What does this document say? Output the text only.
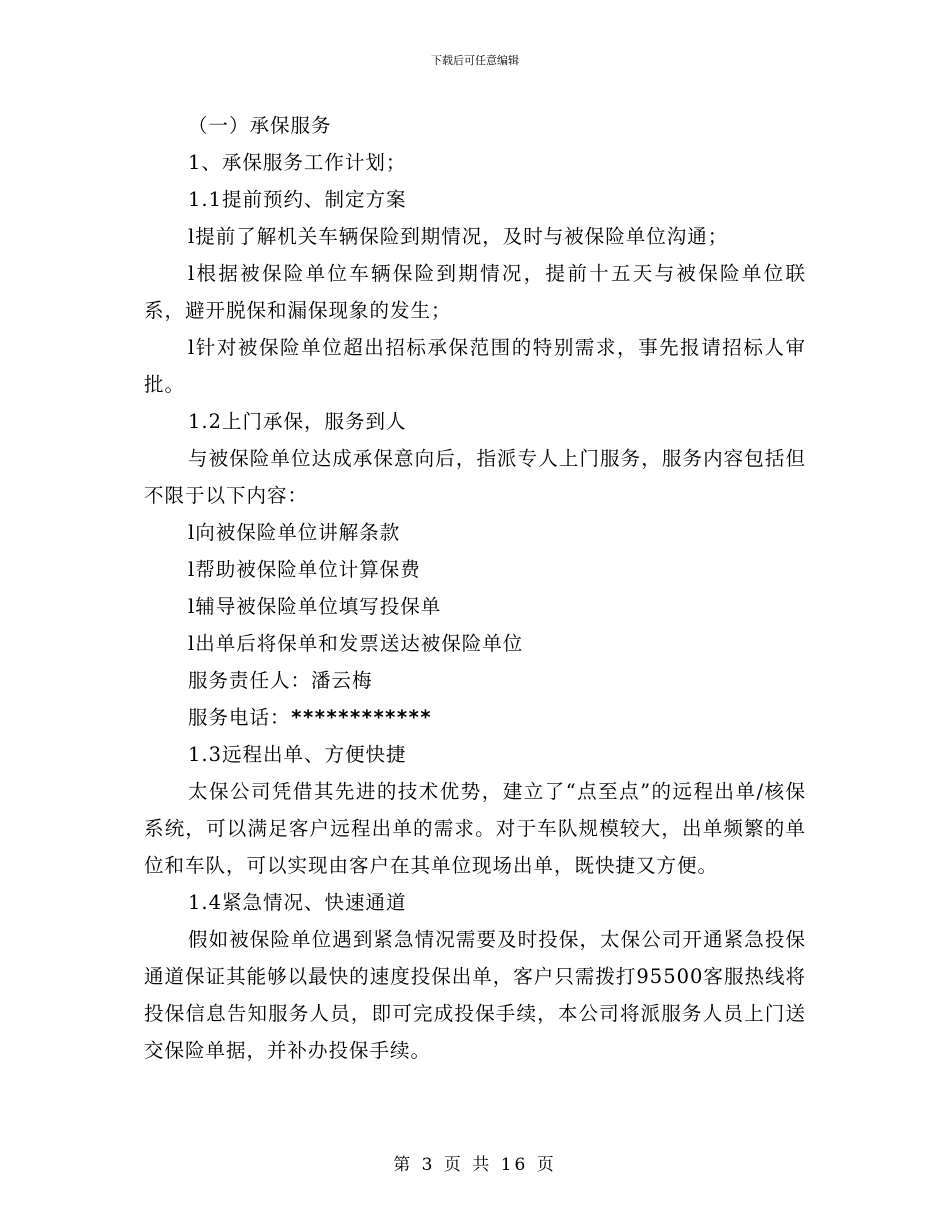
下载后可任意编辑

（一）承保服务

1、承保服务工作计划；

1.1提前预约、制定方案

l提前了解机关车辆保险到期情况，及时与被保险单位沟通；

l根据被保险单位车辆保险到期情况，提前十五天与被保险单位联系，避开脱保和漏保现象的发生；

l针对被保险单位超出招标承保范围的特别需求，事先报请招标人审批。

1.2上门承保，服务到人

与被保险单位达成承保意向后，指派专人上门服务，服务内容包括但不限于以下内容：

l向被保险单位讲解条款

l帮助被保险单位计算保费

l辅导被保险单位填写投保单

l出单后将保单和发票送达被保险单位

服务责任人：潘云梅

服务电话：************

1.3远程出单、方便快捷

太保公司凭借其先进的技术优势，建立了“点至点”的远程出单/核保系统，可以满足客户远程出单的需求。对于车队规模较大，出单频繁的单位和车队，可以实现由客户在其单位现场出单，既快捷又方便。

1.4紧急情况、快速通道

假如被保险单位遇到紧急情况需要及时投保，太保公司开通紧急投保通道保证其能够以最快的速度投保出单，客户只需拨打95500客服热线将投保信息告知服务人员，即可完成投保手续，本公司将派服务人员上门送交保险单据，并补办投保手续。

第 3 页 共 16 页
